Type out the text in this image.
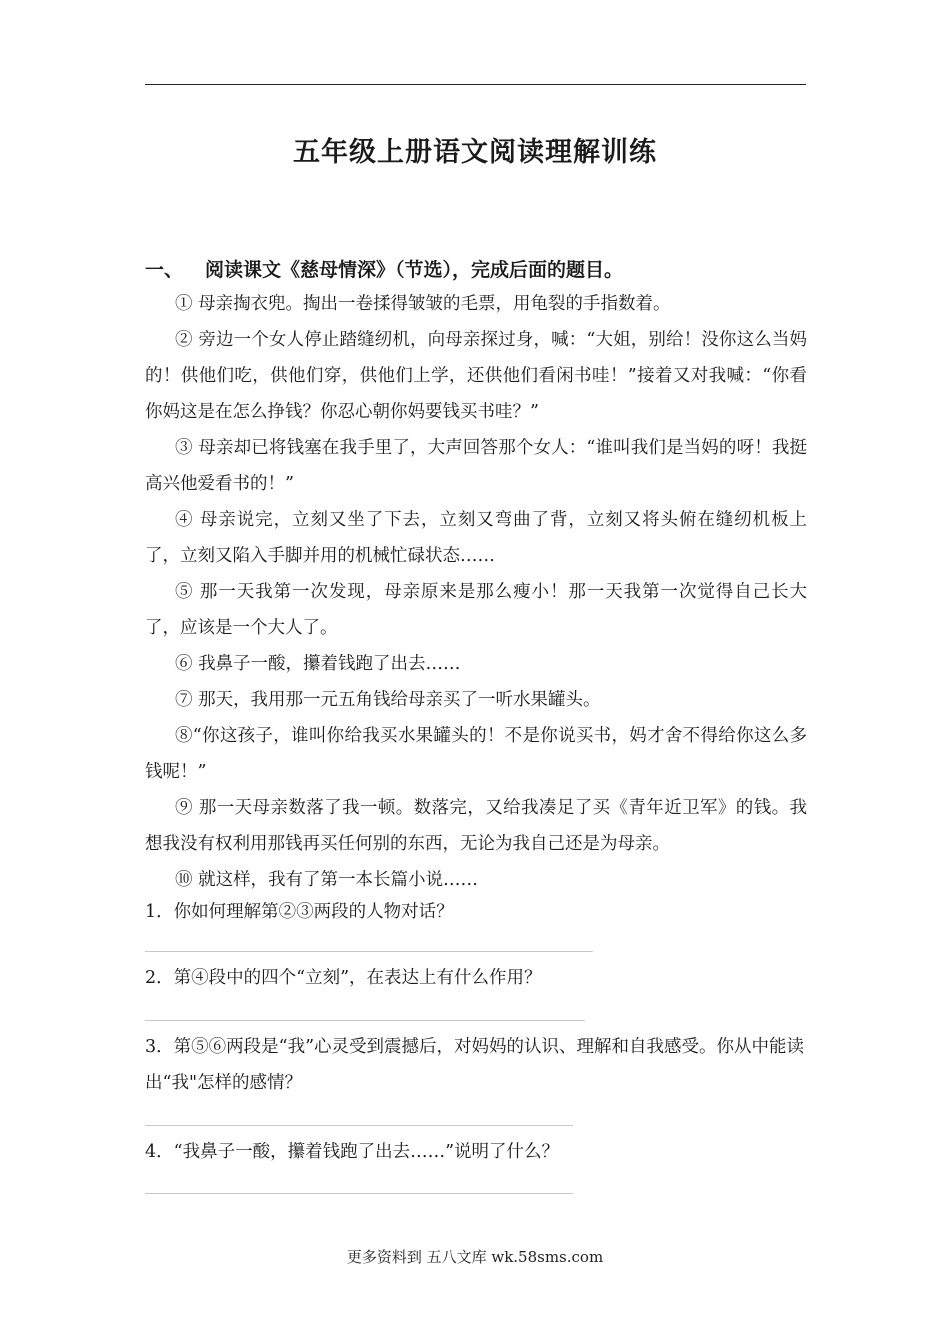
五年级上册语文阅读理解训练
一、 阅读课文《慈母情深》（节选），完成后面的题目。

① 母亲掏衣兜。掏出一卷揉得皱皱的毛票，用龟裂的手指数着。

② 旁边一个女人停止踏缝纫机，向母亲探过身，喊：“大姐，别给！没你这么当妈的！供他们吃，供他们穿，供他们上学，还供他们看闲书哇！”接着又对我喊：“你看你妈这是在怎么挣钱？你忍心朝你妈要钱买书哇？”

③ 母亲却已将钱塞在我手里了，大声回答那个女人：“谁叫我们是当妈的呀！我挺高兴他爱看书的！”

④ 母亲说完，立刻又坐了下去，立刻又弯曲了背，立刻又将头俯在缝纫机板上了，立刻又陷入手脚并用的机械忙碌状态……

⑤ 那一天我第一次发现，母亲原来是那么瘦小！那一天我第一次觉得自己长大了，应该是一个大人了。

⑥ 我鼻子一酸，攥着钱跑了出去……

⑦ 那天，我用那一元五角钱给母亲买了一听水果罐头。

⑧“你这孩子，谁叫你给我买水果罐头的！不是你说买书，妈才舍不得给你这么多钱呢！”

⑨ 那一天母亲数落了我一顿。数落完，又给我凑足了买《青年近卫军》的钱。我想我没有权利用那钱再买任何别的东西，无论为我自己还是为母亲。

⑩ 就这样，我有了第一本长篇小说……

1．你如何理解第②③两段的人物对话？

2．第④段中的四个“立刻”，在表达上有什么作用？

3．第⑤⑥两段是“我”心灵受到震撼后，对妈妈的认识、理解和自我感受。你从中能读出“我"怎样的感情？

4．“我鼻子一酸，攥着钱跑了出去……”说明了什么？

更多资料到 五八文库 wk.58sms.com
